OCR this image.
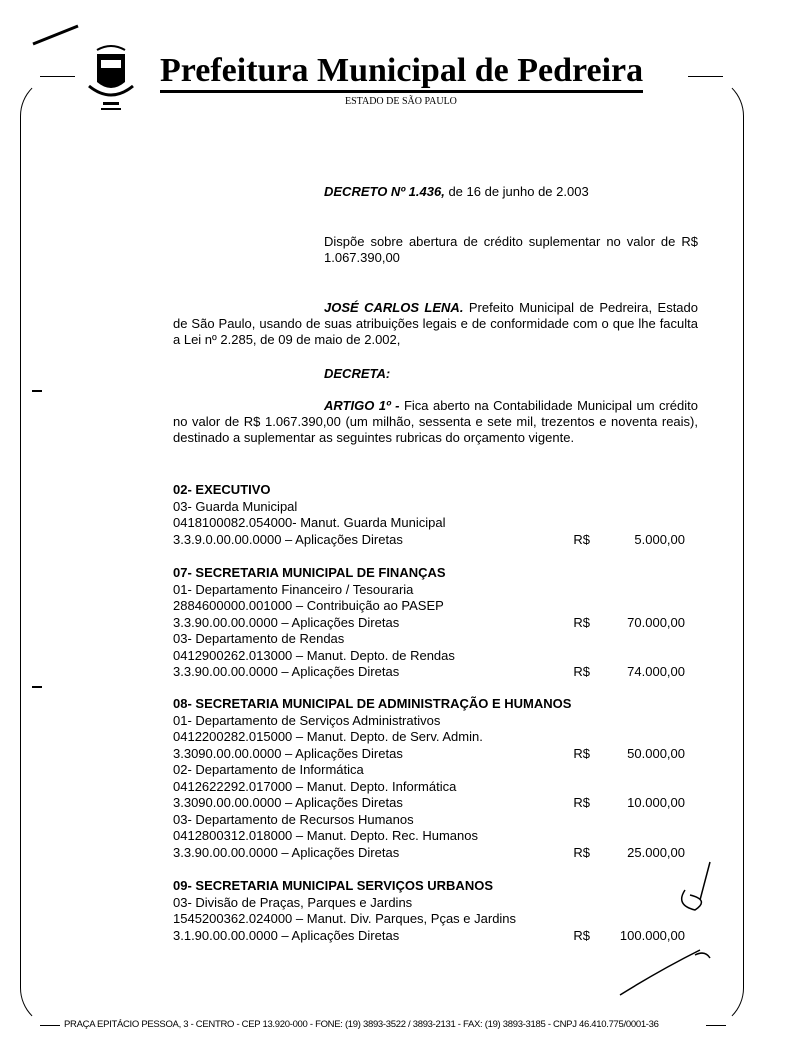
Prefeitura Municipal de Pedreira
ESTADO DE SÃO PAULO
DECRETO Nº 1.436, de 16 de junho de 2.003
Dispõe sobre abertura de crédito suplementar no valor de R$ 1.067.390,00
JOSÉ CARLOS LENA. Prefeito Municipal de Pedreira, Estado de São Paulo, usando de suas atribuições legais e de conformidade com o que lhe faculta a Lei nº 2.285, de 09 de maio de 2.002,
DECRETA:
ARTIGO 1º - Fica aberto na Contabilidade Municipal um crédito no valor de R$ 1.067.390,00 (um milhão, sessenta e sete mil, trezentos e noventa reais), destinado a suplementar as seguintes rubricas do orçamento vigente.
02- EXECUTIVO
03- Guarda Municipal
0418100082.054000- Manut. Guarda Municipal
3.3.9.0.00.00.0000 – Aplicações Diretas	R$	5.000,00
07- SECRETARIA MUNICIPAL DE FINANÇAS
01- Departamento Financeiro / Tesouraria
2884600000.001000 – Contribuição ao PASEP
3.3.90.00.00.0000 – Aplicações Diretas	R$	70.000,00
03- Departamento de Rendas
0412900262.013000 – Manut. Depto. de Rendas
3.3.90.00.00.0000 – Aplicações Diretas	R$	74.000,00
08- SECRETARIA MUNICIPAL DE ADMINISTRAÇÃO E HUMANOS
01- Departamento de Serviços Administrativos
0412200282.015000 – Manut. Depto. de Serv. Admin.
3.3090.00.00.0000 – Aplicações Diretas	R$	50.000,00
02- Departamento de Informática
0412622292.017000 – Manut. Depto. Informática
3.3090.00.00.0000 – Aplicações Diretas	R$	10.000,00
03- Departamento de Recursos Humanos
0412800312.018000 – Manut. Depto. Rec. Humanos
3.3.90.00.00.0000 – Aplicações Diretas	R$	25.000,00
09- SECRETARIA MUNICIPAL SERVIÇOS URBANOS
03- Divisão de Praças, Parques e Jardins
1545200362.024000 – Manut. Div. Parques, Pças e Jardins
3.1.90.00.00.0000 – Aplicações Diretas	R$ 100.000,00
PRAÇA EPITÁCIO PESSOA, 3 - CENTRO - CEP 13.920-000 - FONE: (19) 3893-3522 / 3893-2131 - FAX: (19) 3893-3185 - CNPJ 46.410.775/0001-36
